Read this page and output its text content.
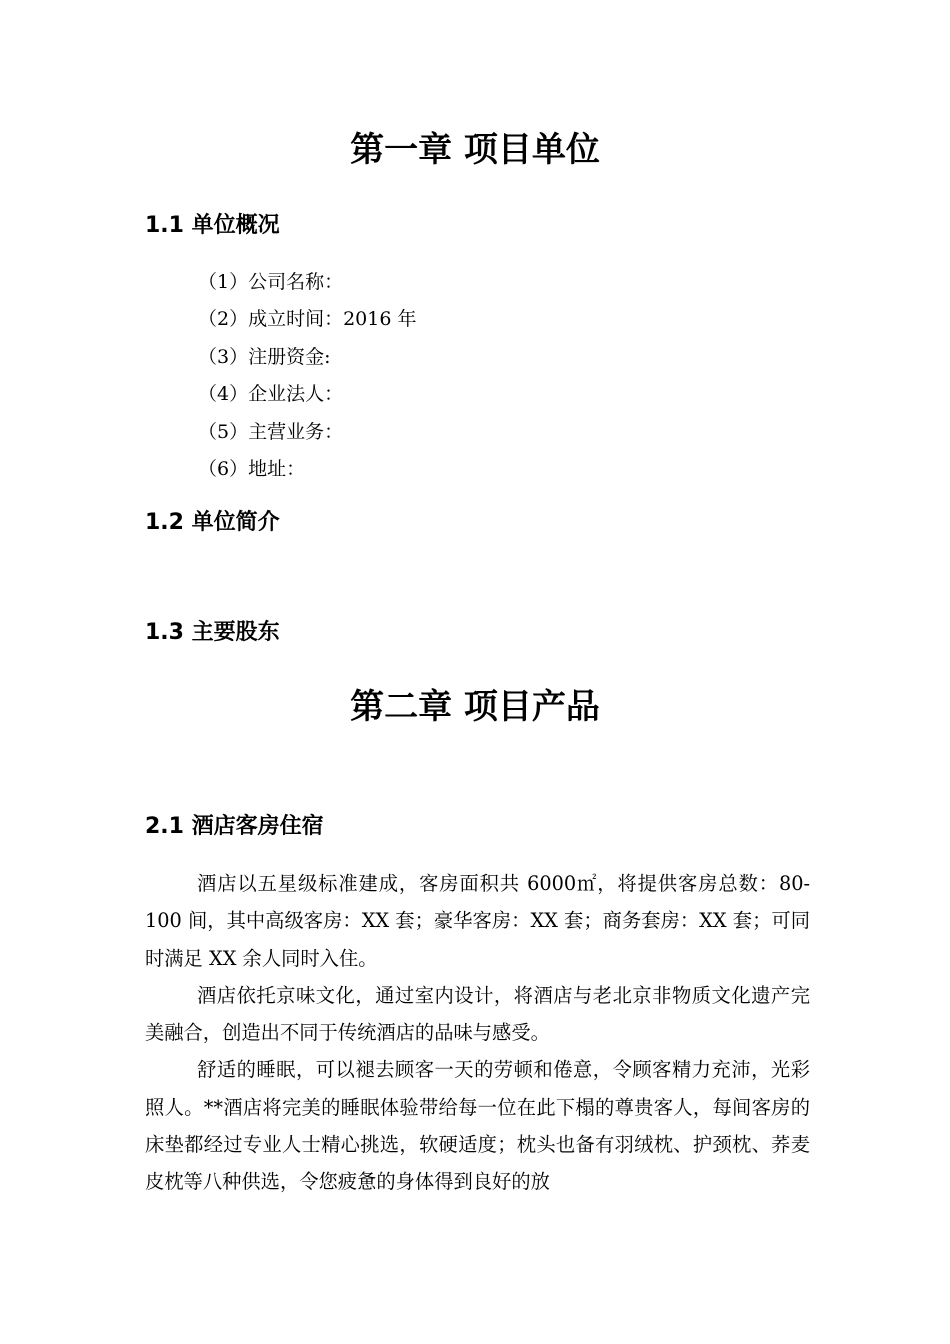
第一章 项目单位
1.1 单位概况
（1）公司名称：
（2）成立时间：2016 年
（3）注册资金:
（4）企业法人：
（5）主营业务：
（6）地址：
1.2 单位简介
1.3 主要股东
第二章 项目产品
2.1 酒店客房住宿

酒店以五星级标准建成，客房面积共 6000㎡，将提供客房总数：80-100 间，其中高级客房：XX 套；豪华客房：XX 套；商务套房：XX 套；可同时满足 XX 余人同时入住。

酒店依托京味文化，通过室内设计，将酒店与老北京非物质文化遗产完美融合，创造出不同于传统酒店的品味与感受。

舒适的睡眠，可以褪去顾客一天的劳顿和倦意，令顾客精力充沛，光彩照人。**酒店将完美的睡眠体验带给每一位在此下榻的尊贵客人，每间客房的床垫都经过专业人士精心挑选，软硬适度；枕头也备有羽绒枕、护颈枕、荞麦皮枕等八种供选，令您疲惫的身体得到良好的放
